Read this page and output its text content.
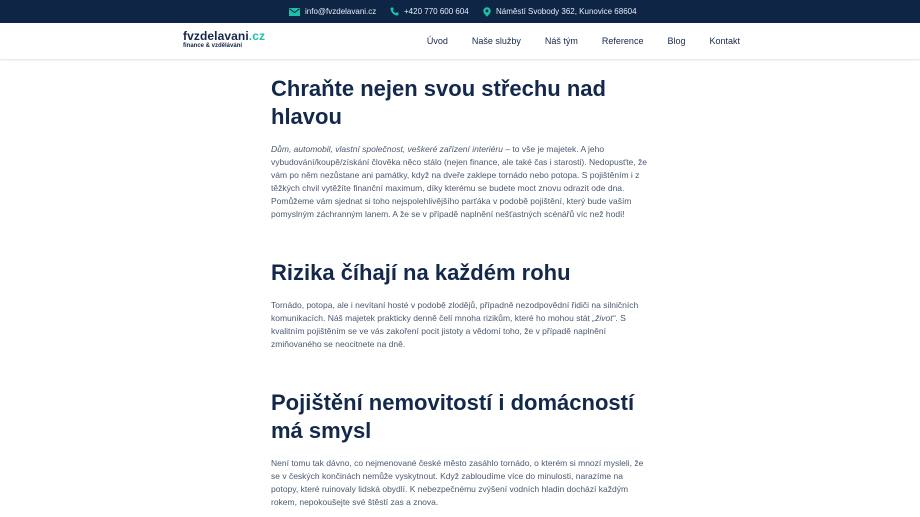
info@fvzdelavani.cz	+420 770 600 604	Náměstí Svobody 362, Kunovice 68604
fvzdelavani.cz
finance & vzdělávání	Úvod	Naše služby	Náš tým	Reference	Blog	Kontakt
Chraňte nejen svou střechu nad hlavou

Dům, automobil, vlastní společnost, veškeré zařízení interiéru – to vše je majetek. A jeho vybudování/koupě/získání člověka něco stálo (nejen finance, ale také čas i starosti). Nedopusťte, že vám po něm nezůstane ani památky, když na dveře zaklepe tornádo nebo potopa. S pojištěním i z těžkých chvil vytěžíte finanční maximum, díky kterému se budete moct znovu odrazit ode dna. Pomůžeme vám sjednat si toho nejspolehlivějšího parťáka v podobě pojištění, který bude vaším pomyslným záchranným lanem. A že se v případě naplnění nešťastných scénářů víc než hodí!

Rizika číhají na každém rohu

Tornádo, potopa, ale i nevítaní hosté v podobě zlodějů, případně nezodpovědní řidiči na silničních komunikacích. Náš majetek prakticky denně čelí mnoha rizikům, které ho mohou stát „život“. S kvalitním pojištěním se ve vás zakoření pocit jistoty a vědomí toho, že v případě naplnění zmiňovaného se neocitnete na dně.

Pojištění nemovitostí i domácností má smysl

Není tomu tak dávno, co nejmenované české město zasáhlo tornádo, o kterém si mnozí mysleli, že se v českých končinách nemůže vyskytnout. Když zabloudíme více do minulosti, narazíme na potopy, které ruinovaly lidská obydlí. K nebezpečnému zvýšení vodních hladin dochází každým rokem, nepokoušejte své štěstí zas a znova.
